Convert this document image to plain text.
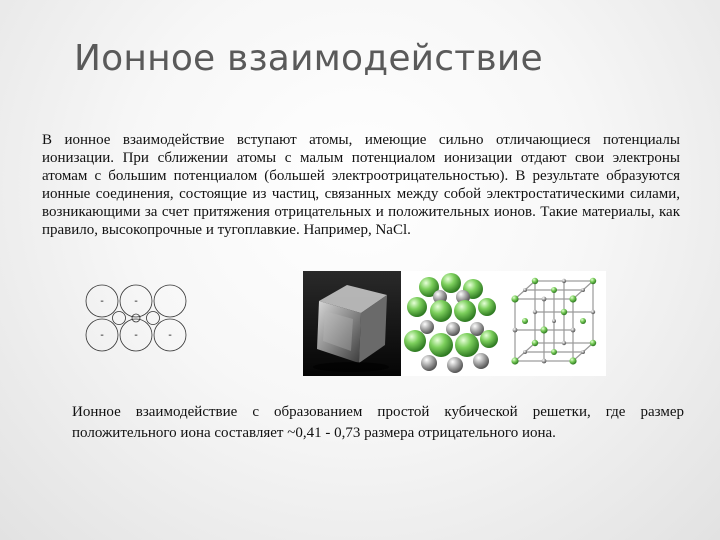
Ионное взаимодействие
В ионное взаимодействие вступают атомы, имеющие сильно отличающиеся потенциалы ионизации. При сближении атомы с малым потенциалом ионизации отдают свои электроны атомам с большим потенциалом (большей электроотрицательностью). В результате образуются ионные соединения, состоящие из частиц, связанных между собой электростатическими силами, возникающими за счет притяжения отрицательных и положительных ионов. Такие материалы, как правило, высокопрочные и тугоплавкие. Например, NaCl.
-	-
-	-	-
Ионное взаимодействие с образованием простой кубической решетки, где размер положительного иона составляет ~0,41 - 0,73 размера отрицательного иона.
